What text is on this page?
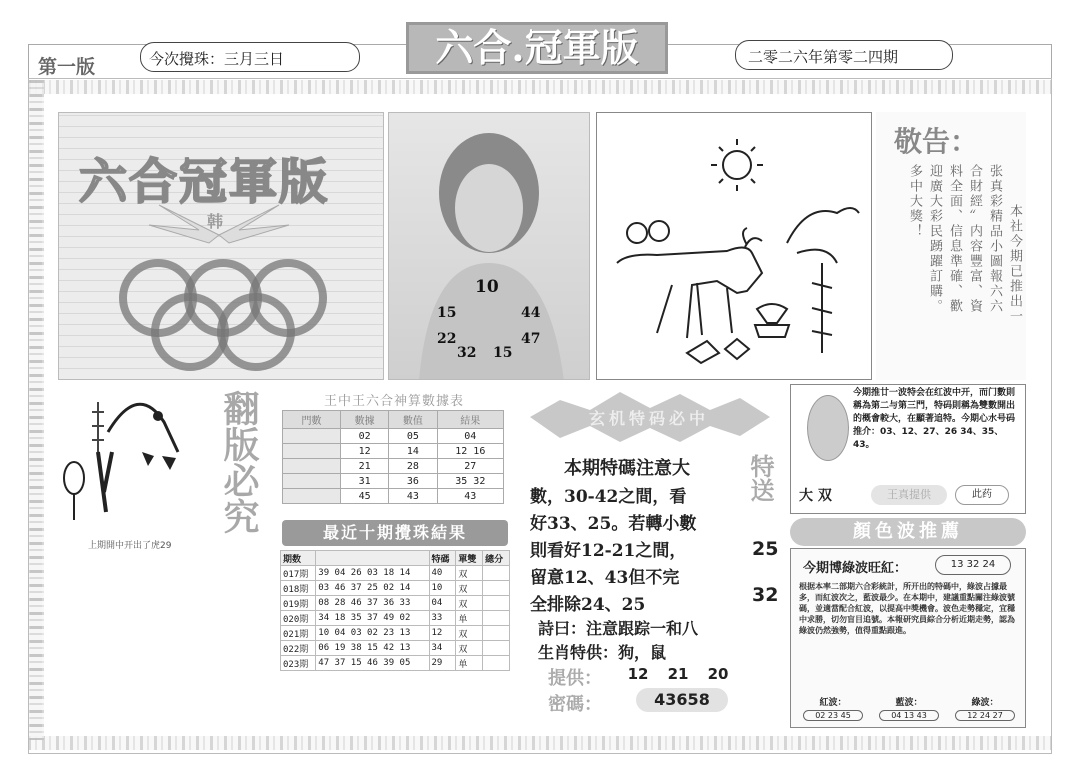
第一版	今次攪珠：三月三日	六合.冠軍版	二零二六年第零二四期
六合冠軍版
韩
10
15	44
22	47
32 15
敬告：
本社今期已推出一
张真彩精品小圖報六六
合財經〞内容豐富、資
料全面、信息準確、歡
迎廣大彩民踴躍訂購。
多中大獎！
翻版必究
上期開中开出了虎29
王中王六合神算數據表
門數	數據	數值	結果
	02	05	04
	12	14	12 16
	21	28	27
	31	36	35 32
	45	43	43
最近十期攪珠結果
期数		特碼	單雙	總分
017期	39 04 26 03 18 14	40	双	
018期	03 46 37 25 02 14	10	双	
019期	08 28 46 37 36 33	04	双	
020期	34 18 35 37 49 02	33	单	
021期	10 04 03 02 23 13	12	双	
022期	06 19 38 15 42 13	34	双	
023期	47 37 15 46 39 05	29	单	
玄机特码必中
本期特碼注意大
數，30-42之間，看
好33、25。若轉小數
則看好12-21之間，
留意12、43但不完
全排除24、25
詩曰：注意跟踪一和八
生肖特供：狗，鼠
特送
25
32
提供：	12 21 20
密碼：	43658
今期推廿一波特会在红波中开，而门數則稱為第二与第三門，特码則稱為雙數開出的概會較大，在顯著追特。今期心水号码推介：03、12、27、26 34、35、43。
大 双	王真提供	此药
顏色波推薦
今期博綠波旺紅：	13 32 24
根据本率二部期六合彩統計，所开出的特碼中，綠波占據最多，而紅波次之，藍波最少。在本期中，建議重點關注綠波號碼，並適當配合紅波，以提高中獎機會。波色走勢穩定，宜穩中求勝，切勿盲目追號。本報研究員綜合分析近期走勢，認為綠波仍然強勢，值得重點跟進。
紅波：
02 23 45
藍波：
04 13 43
綠波：
12 24 27
